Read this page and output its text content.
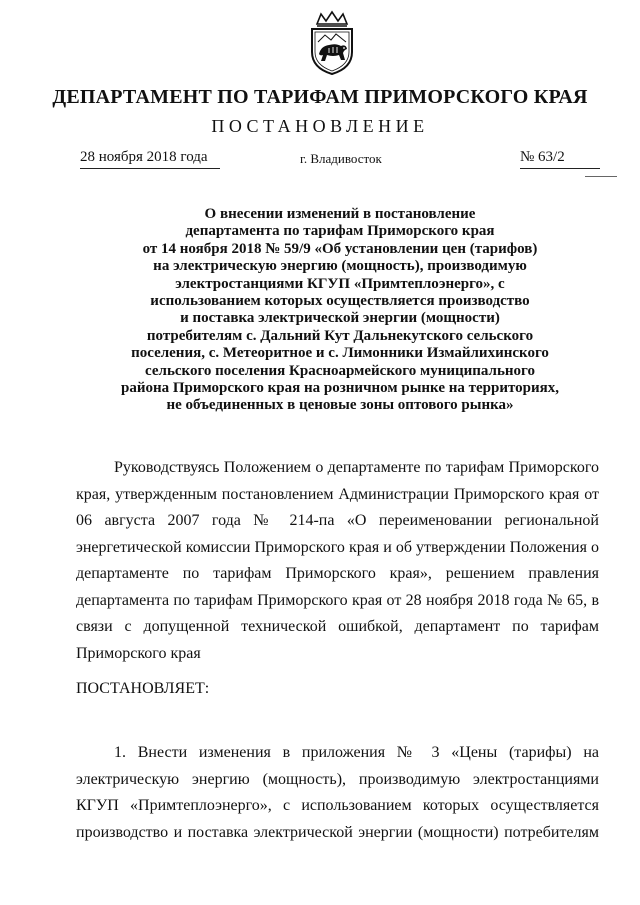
ДЕПАРТАМЕНТ ПО ТАРИФАМ ПРИМОРСКОГО КРАЯ
ПОСТАНОВЛЕНИЕ
28 ноября 2018 года	г. Владивосток	№ 63/2
О внесении изменений в постановление
департамента по тарифам Приморского края
от 14 ноября 2018 № 59/9 «Об установлении цен (тарифов)
на электрическую энергию (мощность), производимую
электростанциями КГУП «Примтеплоэнерго», с
использованием которых осуществляется производство
и поставка электрической энергии (мощности)
потребителям с. Дальний Кут Дальнекутского сельского
поселения, с. Метеоритное и с. Лимонники Измайлихинского
сельского поселения Красноармейского муниципального
района Приморского края на розничном рынке на территориях,
не объединенных в ценовые зоны оптового рынка»
Руководствуясь Положением о департаменте по тарифам Приморского края, утвержденным постановлением Администрации Приморского края от 06 августа 2007 года № 214-па «О переименовании региональной энергетической комиссии Приморского края и об утверждении Положения о департаменте по тарифам Приморского края», решением правления департамента по тарифам Приморского края от 28 ноября 2018 года № 65, в связи с допущенной технической ошибкой, департамент по тарифам Приморского края
ПОСТАНОВЛЯЕТ:
1. Внести изменения в приложения № 3 «Цены (тарифы) на электрическую энергию (мощность), производимую электростанциями КГУП «Примтеплоэнерго», с использованием которых осуществляется производство и поставка электрической энергии (мощности) потребителям
